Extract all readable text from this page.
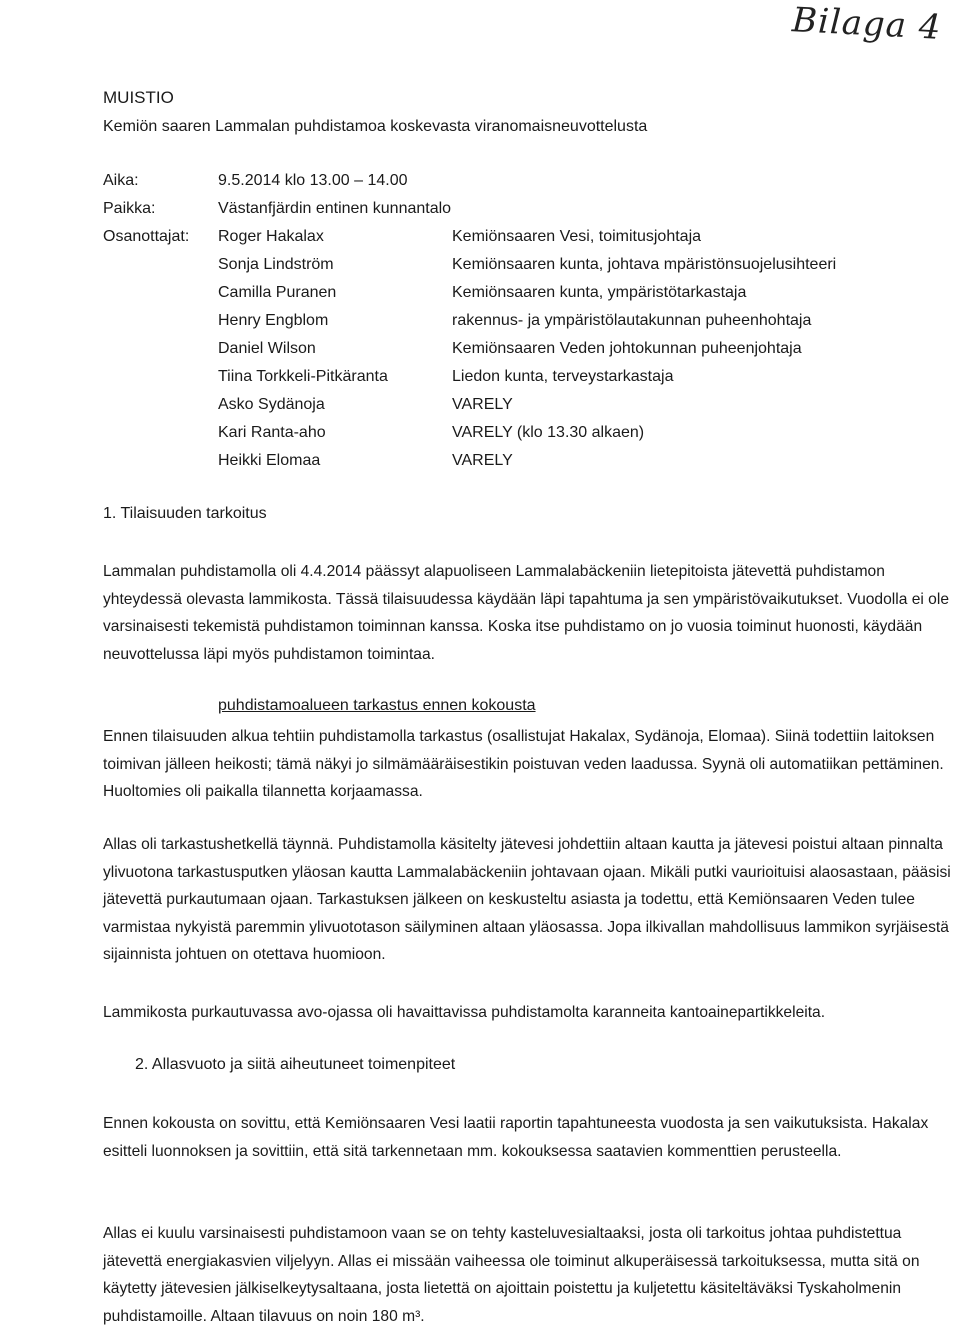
Bilaga 4
MUISTIO
Kemiön saaren Lammalan puhdistamoa koskevasta viranomaisneuvottelusta
Aika:	9.5.2014 klo 13.00 – 14.00
Paikka:	Västanfjärdin entinen kunnantalo
Osanottajat: Roger Hakalax	Kemiönsaaren Vesi, toimitusjohtaja
Sonja Lindström	Kemiönsaaren kunta, johtava mpäristönsuojelusihteeri
Camilla Puranen	Kemiönsaaren kunta, ympäristötarkastaja
Henry Engblom	rakennus- ja ympäristölautakunnan puheenhohtaja
Daniel Wilson	Kemiönsaaren Veden johtokunnan puheenjohtaja
Tiina Torkkeli-Pitkäranta	Liedon kunta, terveystarkastaja
Asko Sydänoja	VARELY
Kari Ranta-aho	VARELY (klo 13.30 alkaen)
Heikki Elomaa	VARELY
1. Tilaisuuden tarkoitus
Lammalan puhdistamolla oli 4.4.2014 päässyt alapuoliseen Lammalabäckeniin lietepitoista jätevettä puhdistamon yhteydessä olevasta lammikosta. Tässä tilaisuudessa käydään läpi tapahtuma ja sen ympäristövaikutukset. Vuodolla ei ole varsinaisesti tekemistä puhdistamon toiminnan kanssa. Koska itse puhdistamo on jo vuosia toiminut huonosti, käydään neuvottelussa läpi myös puhdistamon toimintaa.
puhdistamoalueen tarkastus ennen kokousta
Ennen tilaisuuden alkua tehtiin puhdistamolla tarkastus (osallistujat Hakalax, Sydänoja, Elomaa). Siinä todettiin laitoksen toimivan jälleen heikosti; tämä näkyi jo silmämääräisestikin poistuvan veden laadussa. Syynä oli automatiikan pettäminen. Huoltomies oli paikalla tilannetta korjaamassa.
Allas oli tarkastushetkellä täynnä. Puhdistamolla käsitelty jätevesi johdettiin altaan kautta ja jätevesi poistui altaan pinnalta ylivuotona tarkastusputken yläosan kautta Lammalabäckeniin johtavaan ojaan. Mikäli putki vaurioituisi alaosastaan, pääsisi jätevettä purkautumaan ojaan. Tarkastuksen jälkeen on keskusteltu asiasta ja todettu, että Kemiönsaaren Veden tulee varmistaa nykyistä paremmin ylivuototason säilyminen altaan yläosassa. Jopa ilkivallan mahdollisuus lammikon syrjäisestä sijainnista johtuen on otettava huomioon.
Lammikosta purkautuvassa avo-ojassa oli havaittavissa puhdistamolta karanneita kantoainepartikkeleita.
2. Allasvuoto ja siitä aiheutuneet toimenpiteet
Ennen kokousta on sovittu, että Kemiönsaaren Vesi laatii raportin tapahtuneesta vuodosta ja sen vaikutuksista. Hakalax esitteli luonnoksen ja sovittiin, että sitä tarkennetaan mm. kokouksessa saatavien kommenttien perusteella.
Allas ei kuulu varsinaisesti puhdistamoon vaan se on tehty kasteluvesialtaaksi, josta oli tarkoitus johtaa puhdistettua jätevettä energiakasvien viljelyyn. Allas ei missään vaiheessa ole toiminut alkuperäisessä tarkoituksessa, mutta sitä on käytetty jätevesien jälkiselkeytysaltaana, josta lietettä on ajoittain poistettu ja kuljetettu käsiteltäväksi Tyskaholmenin puhdistamoille. Altaan tilavuus on noin 180 m³.
